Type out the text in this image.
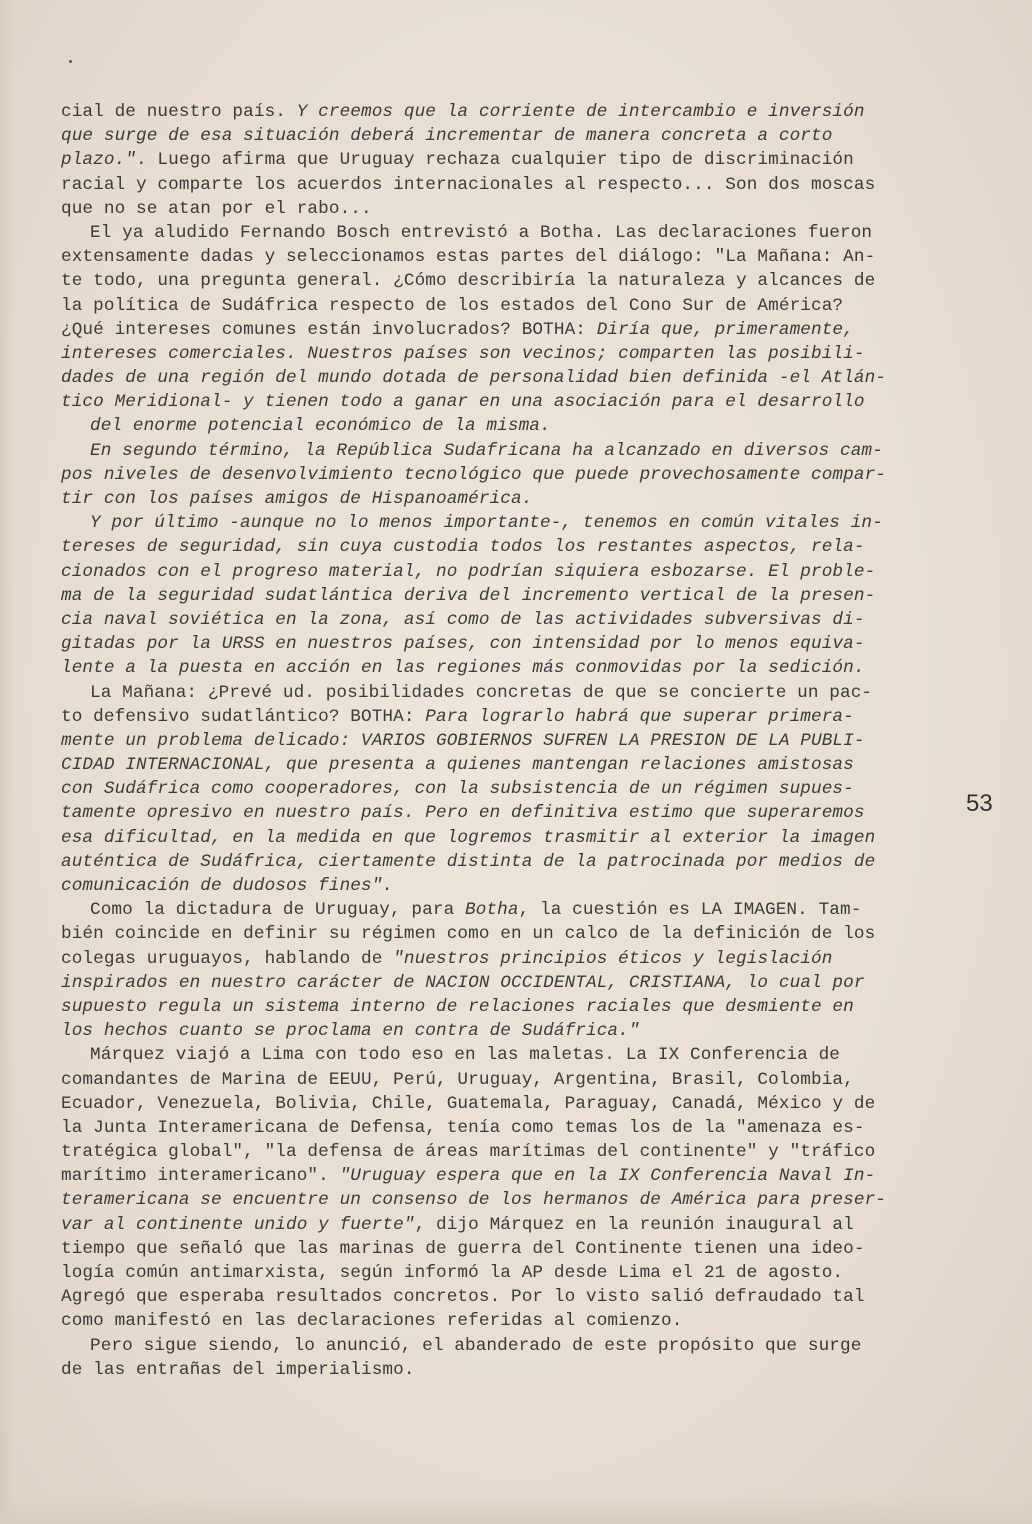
cial de nuestro país. Y creemos que la corriente de intercambio e inversión
que surge de esa situación deberá incrementar de manera concreta a corto
plazo.". Luego afirma que Uruguay rechaza cualquier tipo de discriminación
racial y comparte los acuerdos internacionales al respecto... Son dos moscas
que no se atan por el rabo...
El ya aludido Fernando Bosch entrevistó a Botha. Las declaraciones fueron
extensamente dadas y seleccionamos estas partes del diálogo: "La Mañana: An-
te todo, una pregunta general. ¿Cómo describiría la naturaleza y alcances de
la política de Sudáfrica respecto de los estados del Cono Sur de América?
¿Qué intereses comunes están involucrados? BOTHA: Diría que, primeramente,
intereses comerciales. Nuestros países son vecinos; comparten las posibili-
dades de una región del mundo dotada de personalidad bien definida -el Atlán-
tico Meridional- y tienen todo a ganar en una asociación para el desarrollo
del enorme potencial económico de la misma.
En segundo término, la República Sudafricana ha alcanzado en diversos cam-
pos niveles de desenvolvimiento tecnológico que puede provechosamente compar-
tir con los países amigos de Hispanoamérica.
Y por último -aunque no lo menos importante-, tenemos en común vitales in-
tereses de seguridad, sin cuya custodia todos los restantes aspectos, rela-
cionados con el progreso material, no podrían siquiera esbozarse. El proble-
ma de la seguridad sudatlántica deriva del incremento vertical de la presen-
cia naval soviética en la zona, así como de las actividades subversivas di-
gitadas por la URSS en nuestros países, con intensidad por lo menos equiva-
lente a la puesta en acción en las regiones más conmovidas por la sedición.
La Mañana: ¿Prevé ud. posibilidades concretas de que se concierte un pac-
to defensivo sudatlántico? BOTHA: Para lograrlo habrá que superar primera-
mente un problema delicado: VARIOS GOBIERNOS SUFREN LA PRESION DE LA PUBLI-
CIDAD INTERNACIONAL, que presenta a quienes mantengan relaciones amistosas
con Sudáfrica como cooperadores, con la subsistencia de un régimen supues-
tamente opresivo en nuestro país. Pero en definitiva estimo que superaremos
esa dificultad, en la medida en que logremos trasmitir al exterior la imagen
auténtica de Sudáfrica, ciertamente distinta de la patrocinada por medios de
comunicación de dudosos fines".
Como la dictadura de Uruguay, para Botha, la cuestión es LA IMAGEN. Tam-
bién coincide en definir su régimen como en un calco de la definición de los
colegas uruguayos, hablando de "nuestros principios éticos y legislación
inspirados en nuestro carácter de NACION OCCIDENTAL, CRISTIANA, lo cual por
supuesto regula un sistema interno de relaciones raciales que desmiente en
los hechos cuanto se proclama en contra de Sudáfrica."
Márquez viajó a Lima con todo eso en las maletas. La IX Conferencia de
comandantes de Marina de EEUU, Perú, Uruguay, Argentina, Brasil, Colombia,
Ecuador, Venezuela, Bolivia, Chile, Guatemala, Paraguay, Canadá, México y de
la Junta Interamericana de Defensa, tenía como temas los de la "amenaza es-
tratégica global", "la defensa de áreas marítimas del continente" y "tráfico
marítimo interamericano". "Uruguay espera que en la IX Conferencia Naval In-
teramericana se encuentre un consenso de los hermanos de América para preser-
var al continente unido y fuerte", dijo Márquez en la reunión inaugural al
tiempo que señaló que las marinas de guerra del Continente tienen una ideo-
logía común antimarxista, según informó la AP desde Lima el 21 de agosto.
Agregó que esperaba resultados concretos. Por lo visto salió defraudado tal
como manifestó en las declaraciones referidas al comienzo.
Pero sigue siendo, lo anunció, el abanderado de este propósito que surge
de las entrañas del imperialismo.
53
